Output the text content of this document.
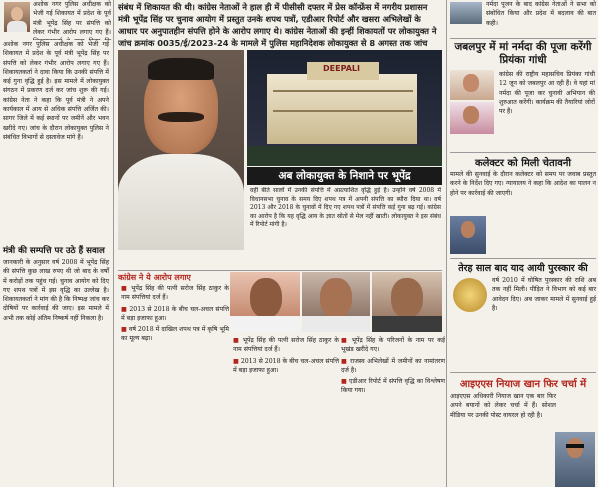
अशोक नगर पुलिस अधीक्षक को भेजी गई शिकायत में प्रदेश के पूर्व मंत्री भूपेंद्र सिंह पर संपत्ति को लेकर गंभीर आरोप लगाए गए हैं।
अशोक नगर पुलिस अधीक्षक को भेजी गई शिकायत में प्रदेश के पूर्व मंत्री भूपेंद्र सिंह पर संपत्ति को लेकर गंभीर आरोप लगाए गए हैं। शिकायतकर्ता ने दावा किया कि उनकी संपत्ति में कई गुना वृद्धि हुई है। इस मामले में लोकायुक्त संगठन में प्रकरण दर्ज कर जांच शुरू की गई। कांग्रेस नेता ने कहा कि पूर्व मंत्री ने अपने कार्यकाल में आय से अधिक संपत्ति अर्जित की। सागर जिले में कई स्थानों पर जमीनें और भवन खरीदे गए। जांच के दौरान लोकायुक्त पुलिस ने संबंधित विभागों से दस्तावेज मांगे हैं।
मंत्री की सम्पत्ति पर उठे हैं सवाल
जानकारी के अनुसार वर्ष 2008 में भूपेंद्र सिंह की संपत्ति कुछ लाख रुपए थी जो बाद के वर्षों में करोड़ों तक पहुंच गई। चुनाव आयोग को दिए गए शपथ पत्रों में इस वृद्धि का उल्लेख है। शिकायतकर्ता ने मांग की है कि निष्पक्ष जांच कर दोषियों पर कार्रवाई की जाए। इस मामले में अभी तक कोई अंतिम निष्कर्ष नहीं निकला है।
संबंध में शिकायत की थी। कांग्रेस नेताओं ने हाल ही में पीसीसी दफ्तर में प्रेस कॉन्फ्रेंस में नगरीय प्रशासन मंत्री भूपेंद्र सिंह पर चुनाव आयोग में प्रस्तुत उनके शपथ पत्रों, एडीआर रिपोर्ट और खसरा अभिलेखों के आधार पर अनुपातहीन संपत्ति होने के आरोप लगाए थे। कांग्रेस नेताओं की इन्हीं शिकायतों पर लोकायुक्त ने जांच क्रमांक 0035/ई/2023-24 के मामले में पुलिस महानिदेशक लोकायुक्त से 8 अगस्त तक जांच
DEEPALI
अब लोकायुक्त के निशाने पर भूपेंद्र
वहीं बीते सालों में उनकी संपत्ति में अप्रत्याशित वृद्धि हुई है। उन्होंने वर्ष 2008 में विधानसभा चुनाव के समय दिए शपथ पत्र में अपनी संपत्ति का ब्यौरा दिया था। वर्ष 2013 और 2018 के चुनावों में दिए गए शपथ पत्रों में संपत्ति कई गुना बढ़ गई। कांग्रेस का आरोप है कि यह वृद्धि आय के ज्ञात स्रोतों से मेल नहीं खाती। लोकायुक्त ने इस संबंध में रिपोर्ट मांगी है।
कांग्रेस ने ये आरोप लगाए

■ भूपेंद्र सिंह की पत्नी सरोज सिंह ठाकुर के नाम संपत्तियां दर्ज हैं।

■ 2013 से 2018 के बीच चल-अचल संपत्ति में बड़ा इजाफा हुआ।

■ वर्ष 2018 में दाखिल शपथ पत्र में कृषि भूमि का मूल्य बढ़ा।	■ भूपेंद्र सिंह की पत्नी सरोज सिंह ठाकुर के नाम संपत्तियां दर्ज हैं।

■ 2013 से 2018 के बीच चल-अचल संपत्ति में बड़ा इजाफा हुआ।

■ भूपेंद्र सिंह के परिजनों के नाम पर कई भूखंड खरीदे गए।

■ राजस्व अभिलेखों में जमीनों का नामांतरण दर्ज है।

■ एडीआर रिपोर्ट में संपत्ति वृद्धि का विश्लेषण किया गया।

नर्मदा पूजन के बाद कांग्रेस नेताओं ने सभा को संबोधित किया और प्रदेश में बदलाव की बात कही।
जबलपुर में मां नर्मदा की पूजा करेंगी प्रियंका गांधी
कांग्रेस की राष्ट्रीय महासचिव प्रियंका गांधी 12 जून को जबलपुर आ रही हैं। वे यहां मां नर्मदा की पूजा कर चुनावी अभियान की शुरुआत करेंगी। कार्यक्रम की तैयारियां जोरों पर हैं।
कलेक्टर को मिली चेतावनी
मामले की सुनवाई के दौरान कलेक्टर को समय पर जवाब प्रस्तुत करने के निर्देश दिए गए। न्यायालय ने कहा कि आदेश का पालन न होने पर कार्रवाई की जाएगी।
तेरह साल बाद याद आयी पुरस्कार की
वर्ष 2010 में घोषित पुरस्कार की राशि अब तक नहीं मिली। पीड़ित ने विभाग को कई बार आवेदन दिए। अब जाकर मामले में सुनवाई हुई है।
आइएएस नियाज खान फिर चर्चा में
आइएएस अधिकारी नियाज खान एक बार फिर अपने बयानों को लेकर चर्चा में हैं। सोशल मीडिया पर उनकी पोस्ट वायरल हो रही है।
